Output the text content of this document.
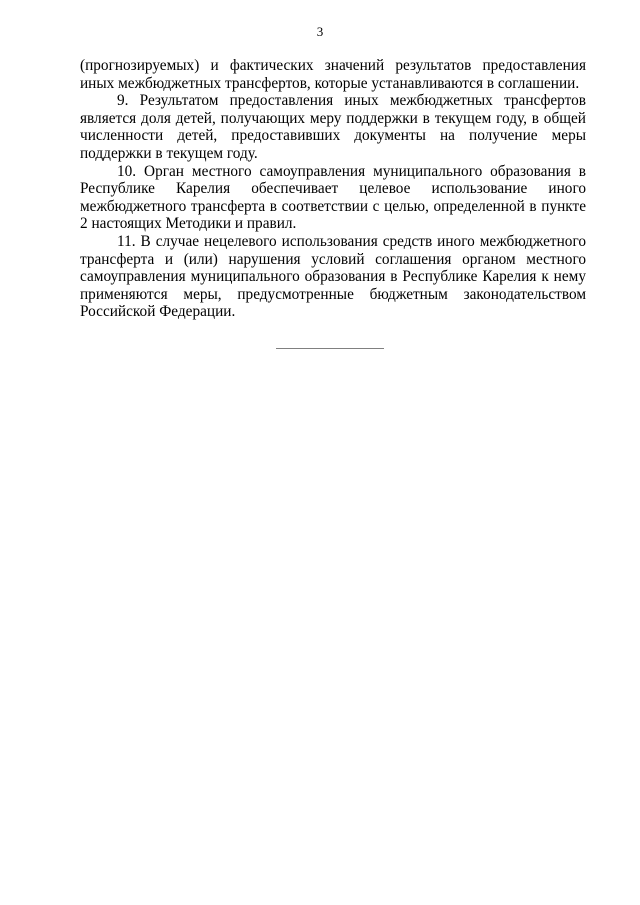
3

(прогнозируемых) и фактических значений результатов предоставления иных межбюджетных трансфертов, которые устанавливаются в соглашении.

9. Результатом предоставления иных межбюджетных трансфертов является доля детей, получающих меру поддержки в текущем году, в общей численности детей, предоставивших документы на получение меры поддержки в текущем году.

10. Орган местного самоуправления муниципального образования в Республике Карелия обеспечивает целевое использование иного межбюджетного трансферта в соответствии с целью, определенной в пункте 2 настоящих Методики и правил.

11. В случае нецелевого использования средств иного межбюджетного трансферта и (или) нарушения условий соглашения органом местного самоуправления муниципального образования в Республике Карелия к нему применяются меры, предусмотренные бюджетным законодательством Российской Федерации.
